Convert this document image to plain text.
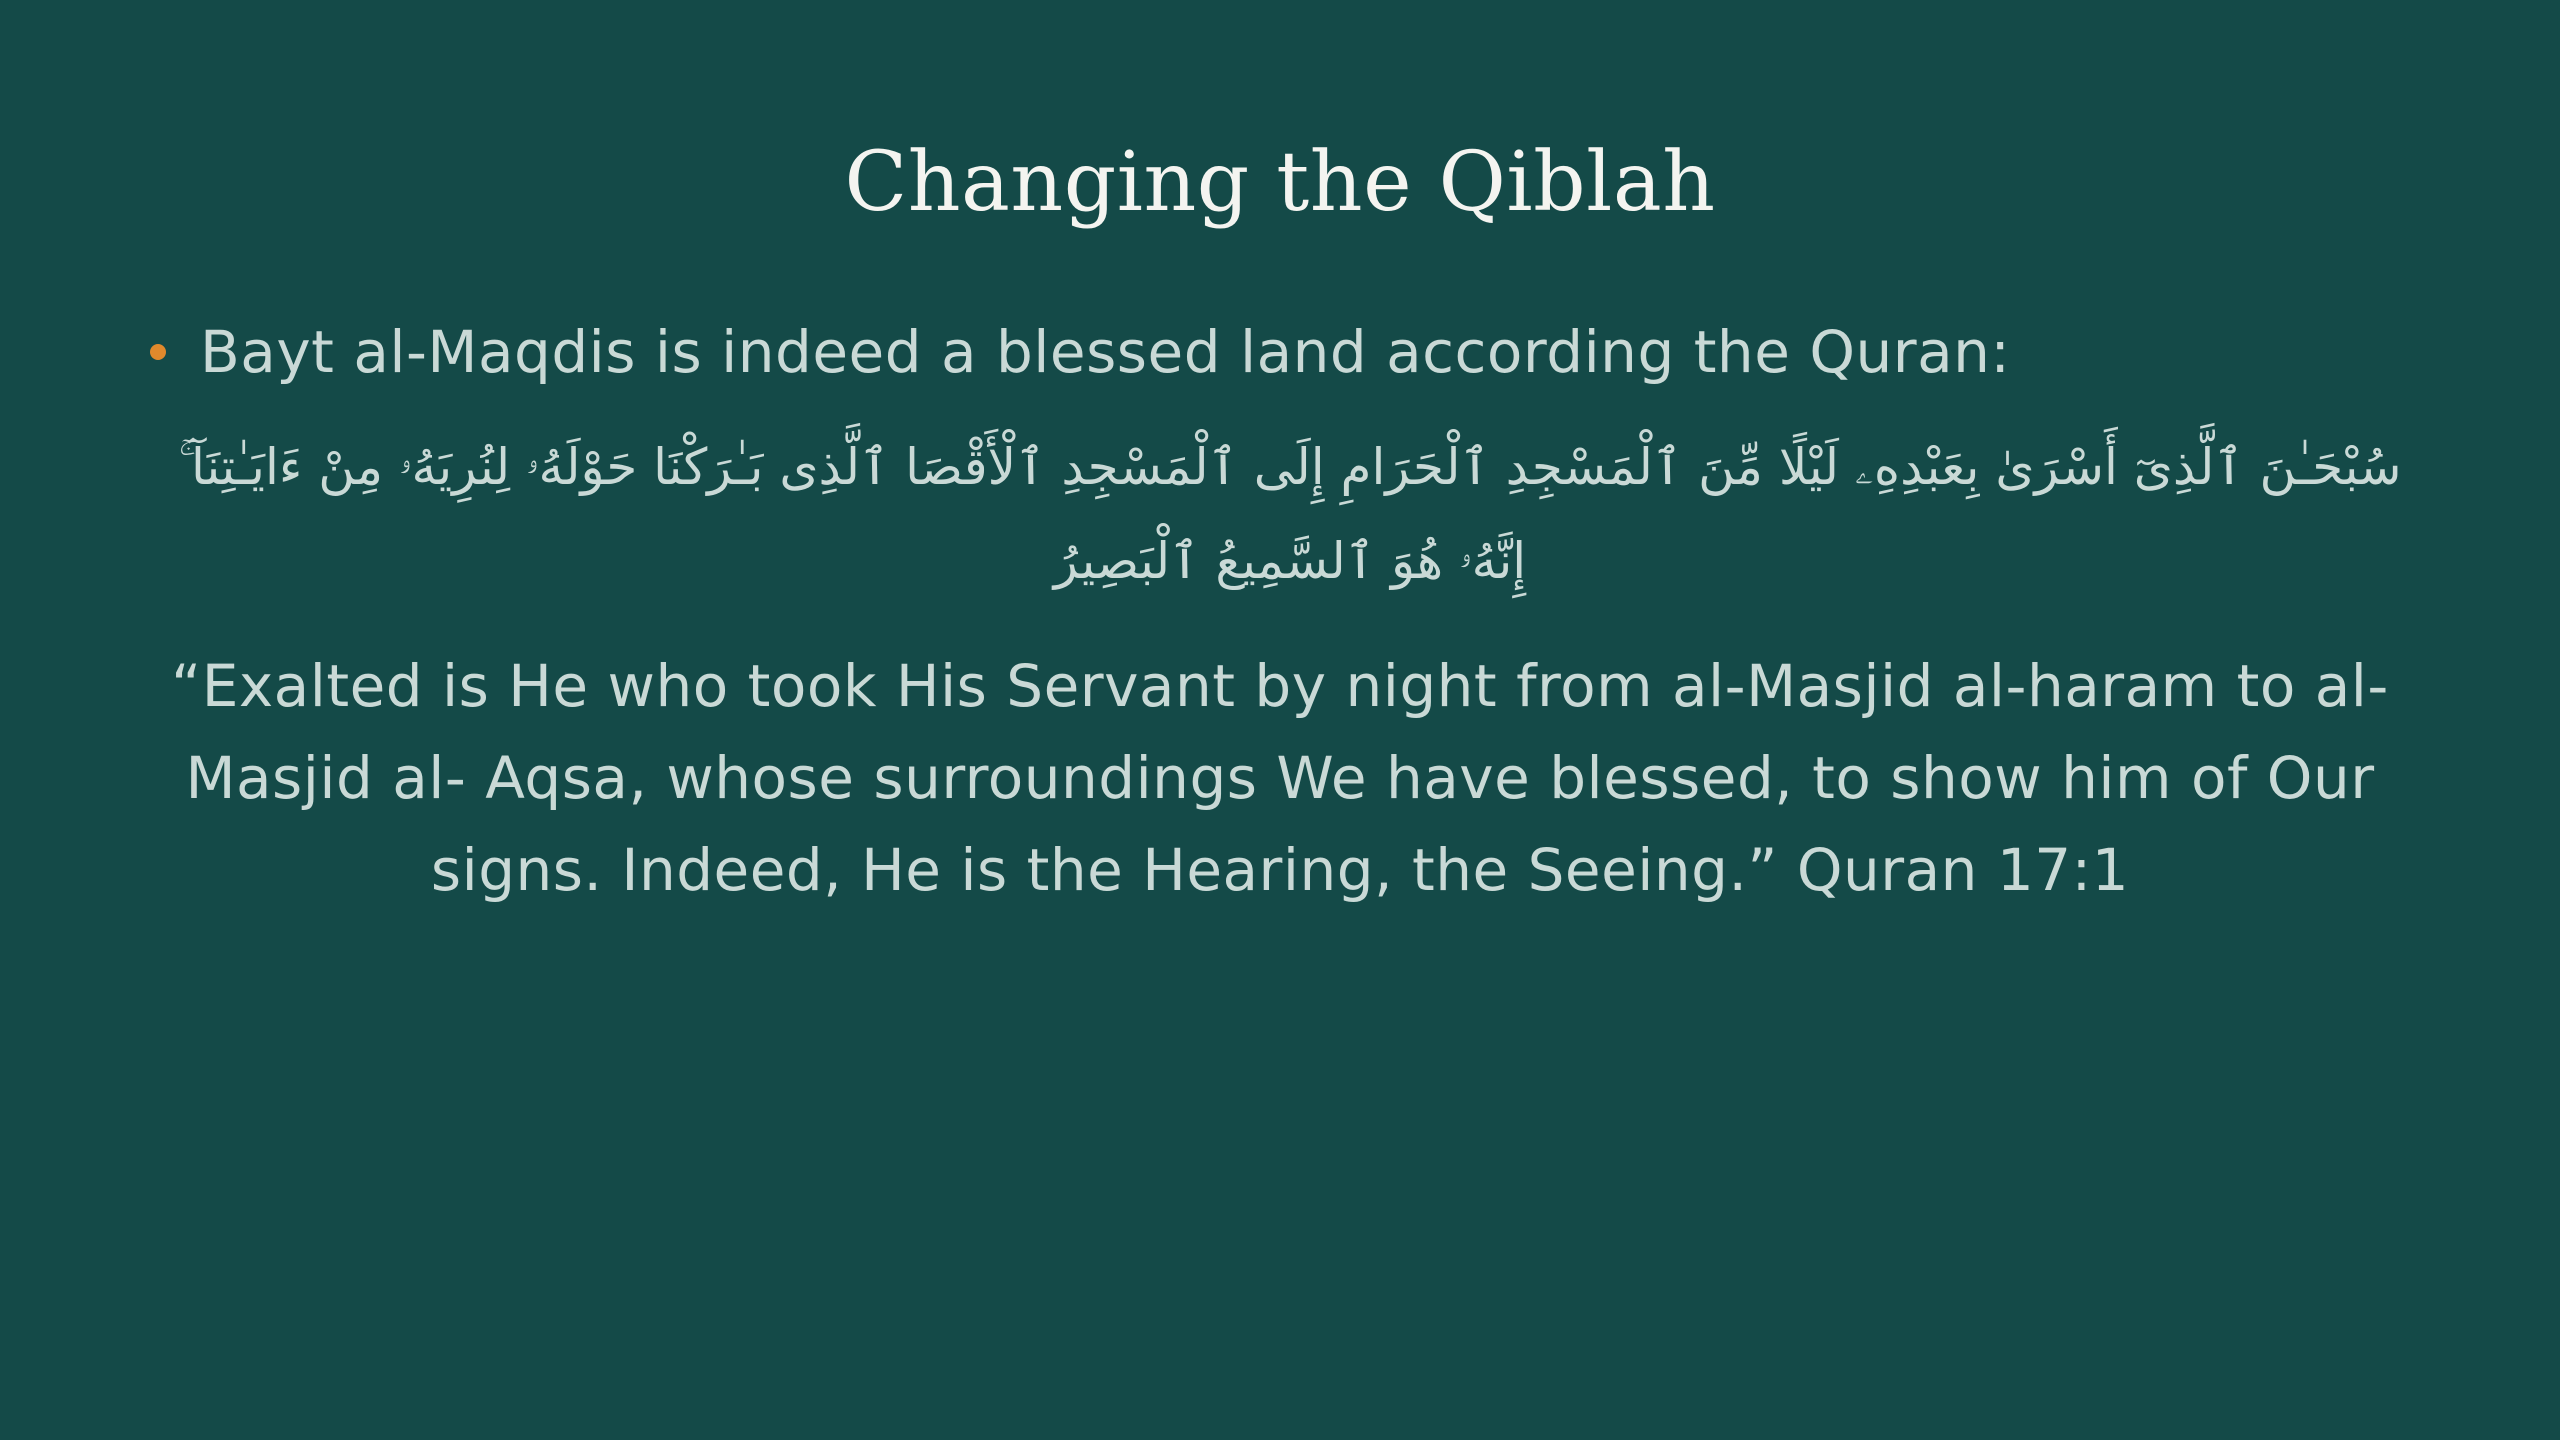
Changing the Qiblah
Bayt al-Maqdis is indeed a blessed land according the Quran:
سُبْحَـٰنَ ٱلَّذِىٓ أَسْرَىٰ بِعَبْدِهِۦ لَيْلًا مِّنَ ٱلْمَسْجِدِ ٱلْحَرَامِ إِلَى ٱلْمَسْجِدِ ٱلْأَقْصَا ٱلَّذِى بَـٰرَكْنَا حَوْلَهُۥ لِنُرِيَهُۥ مِنْ ءَايَـٰتِنَآ ۚ إِنَّهُۥ هُوَ ٱلسَّمِيعُ ٱلْبَصِيرُ
“Exalted is He who took His Servant by night from al-Masjid al-haram to al-Masjid al- Aqsa, whose surroundings We have blessed, to show him of Our signs. Indeed, He is the Hearing, the Seeing.” Quran 17:1
